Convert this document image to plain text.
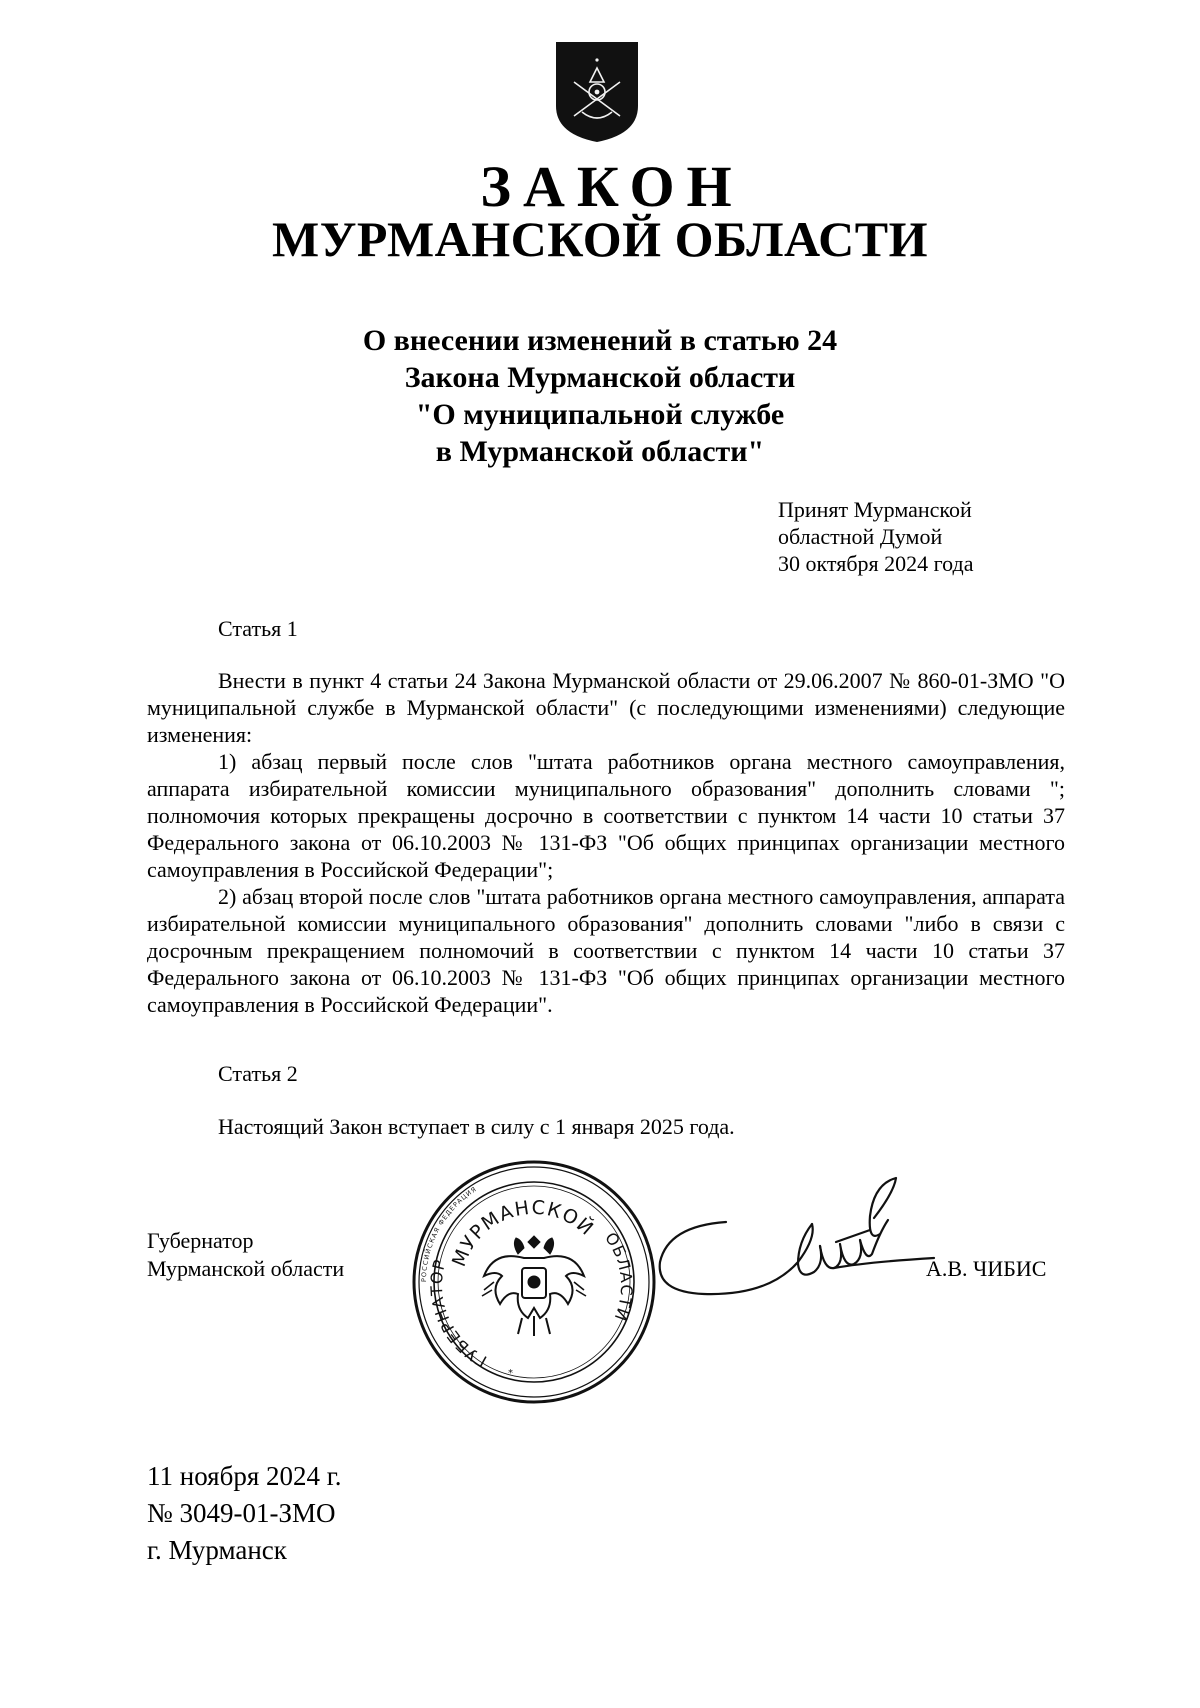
ЗАКОН
МУРМАНСКОЙ ОБЛАСТИ
О внесении изменений в статью 24
Закона Мурманской области
"О муниципальной службе
в Мурманской области"
Принят Мурманской
областной Думой
30 октября 2024 года
Статья 1

Внести в пункт 4 статьи 24 Закона Мурманской области от 29.06.2007 № 860-01-ЗМО "О муниципальной службе в Мурманской области" (с последующими изменениями) следующие изменения:

1) абзац первый после слов "штата работников органа местного самоуправления, аппарата избирательной комиссии муниципального образования" дополнить словами "; полномочия которых прекращены досрочно в соответствии с пунктом 14 части 10 статьи 37 Федерального закона от 06.10.2003 № 131-ФЗ "Об общих принципах организации местного самоуправления в Российской Федерации";

2) абзац второй после слов "штата работников органа местного самоуправления, аппарата избирательной комиссии муниципального образования" дополнить словами "либо в связи с досрочным прекращением полномочий в соответствии с пунктом 14 части 10 статьи 37 Федерального закона от 06.10.2003 № 131-ФЗ "Об общих принципах организации местного самоуправления в Российской Федерации".

Статья 2

Настоящий Закон вступает в силу с 1 января 2025 года.

Губернатор
Мурманской области	РОССИЙСКАЯ ФЕДЕРАЦИЯ
МУРМАНСКОЙ
ГУБЕРНАТОР
ОБЛАСТИ
*
А.В. ЧИБИС
11 ноября 2024 г.
№ 3049-01-ЗМО
г. Мурманск
